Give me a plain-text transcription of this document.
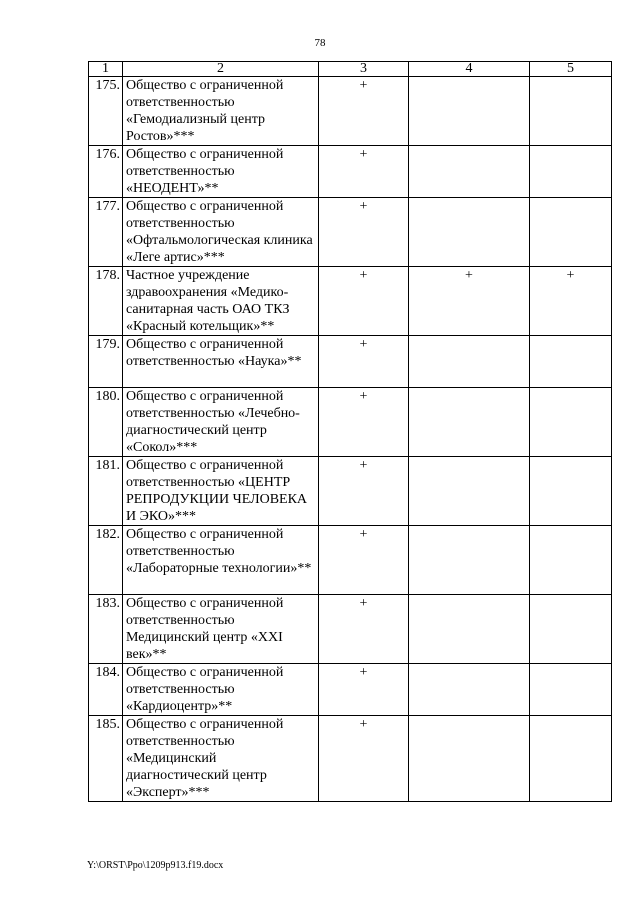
78
1	2	3	4	5
175.	Общество с ограниченной ответственностью «Гемодиализный центр Ростов»***	+		
176.	Общество с ограниченной ответственностью «НЕОДЕНТ»**	+		
177.	Общество с ограниченной ответственностью «Офтальмологическая клиника «Леге артис»***	+		
178.	Частное учреждение здравоохранения «Медико-санитарная часть ОАО ТКЗ «Красный котельщик»**	+	+	+
179.	Общество с ограниченной ответственностью «Наука»**	+		
180.	Общество с ограниченной ответственностью «Лечебно-диагностический центр «Сокол»***	+		
181.	Общество с ограниченной ответственностью «ЦЕНТР РЕПРОДУКЦИИ ЧЕЛОВЕКА И ЭКО»***	+		
182.	Общество с ограниченной ответственностью «Лабораторные технологии»**	+		
183.	Общество с ограниченной ответственностью Медицинский центр «XXI век»**	+		
184.	Общество с ограниченной ответственностью «Кардиоцентр»**	+		
185.	Общество с ограниченной ответственностью «Медицинский диагностический центр «Эксперт»***	+		
Y:\ORST\Ppo\1209p913.f19.docx
